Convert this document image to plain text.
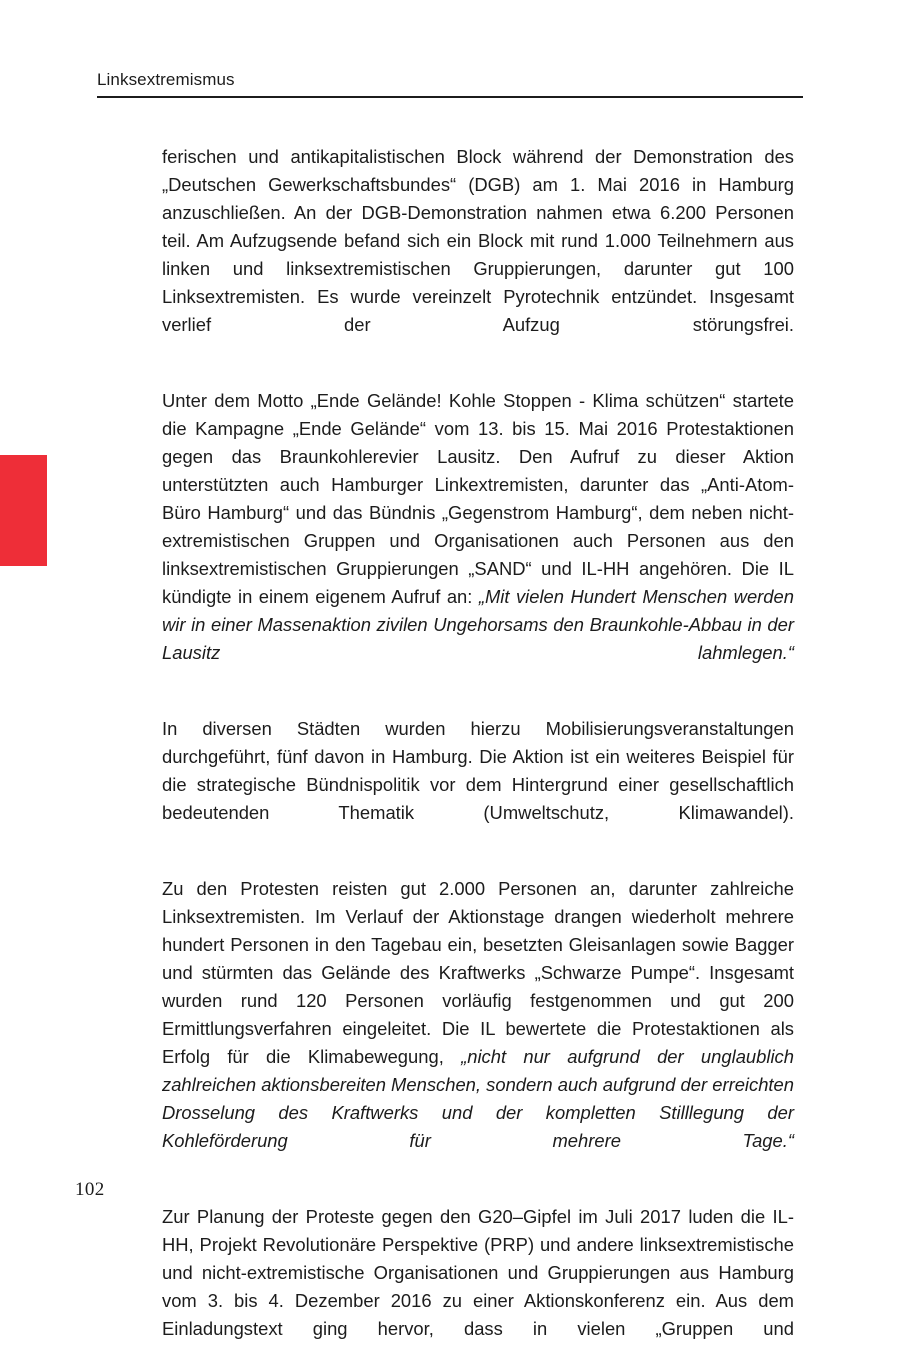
Linksextremismus

ferischen und antikapitalistischen Block während der Demonstration des „Deutschen Gewerkschaftsbundes“ (DGB) am 1. Mai 2016 in Hamburg anzuschließen. An der DGB-Demonstration nahmen etwa 6.200 Personen teil. Am Aufzugsende befand sich ein Block mit rund 1.000 Teilnehmern aus linken und linksextremistischen Gruppierungen, darunter gut 100 Linksextremisten. Es wurde vereinzelt Pyrotechnik entzündet. Insgesamt verlief der Aufzug störungsfrei.

Unter dem Motto „Ende Gelände! Kohle Stoppen - Klima schützen“ startete die Kampagne „Ende Gelände“ vom 13. bis 15. Mai 2016 Protestaktionen gegen das Braunkohlerevier Lausitz. Den Aufruf zu dieser Aktion unterstützten auch Hamburger Linkextremisten, darunter das „Anti-Atom-Büro Hamburg“ und das Bündnis „Gegenstrom Hamburg“, dem neben nicht-extremistischen Gruppen und Organisationen auch Personen aus den linksextremistischen Gruppierungen „SAND“ und IL-HH angehören. Die IL kündigte in einem eigenem Aufruf an: „Mit vielen Hundert Menschen werden wir in einer Massenaktion zivilen Ungehorsams den Braunkohle-Abbau in der Lausitz lahmlegen.“

In diversen Städten wurden hierzu Mobilisierungsveranstaltungen durchgeführt, fünf davon in Hamburg. Die Aktion ist ein weiteres Beispiel für die strategische Bündnispolitik vor dem Hintergrund einer gesellschaftlich bedeutenden Thematik (Umweltschutz, Klimawandel).

Zu den Protesten reisten gut 2.000 Personen an, darunter zahlreiche Linksextremisten. Im Verlauf der Aktionstage drangen wiederholt mehrere hundert Personen in den Tagebau ein, besetzten Gleisanlagen sowie Bagger und stürmten das Gelände des Kraftwerks „Schwarze Pumpe“. Insgesamt wurden rund 120 Personen vorläufig festgenommen und gut 200 Ermittlungsverfahren eingeleitet. Die IL bewertete die Protestaktionen als Erfolg für die Klimabewegung, „nicht nur aufgrund der unglaublich zahlreichen aktionsbereiten Menschen, sondern auch aufgrund der erreichten Drosselung des Kraftwerks und der kompletten Stilllegung der Kohleförderung für mehrere Tage.“

Zur Planung der Proteste gegen den G20–Gipfel im Juli 2017 luden die IL-HH, Projekt Revolutionäre Perspektive (PRP) und andere linksextremistische und nicht-extremistische Organisationen und Gruppierungen aus Hamburg vom 3. bis 4. Dezember 2016 zu einer Aktionskonferenz ein. Aus dem Einladungstext ging hervor, dass in vielen „Gruppen und

102
